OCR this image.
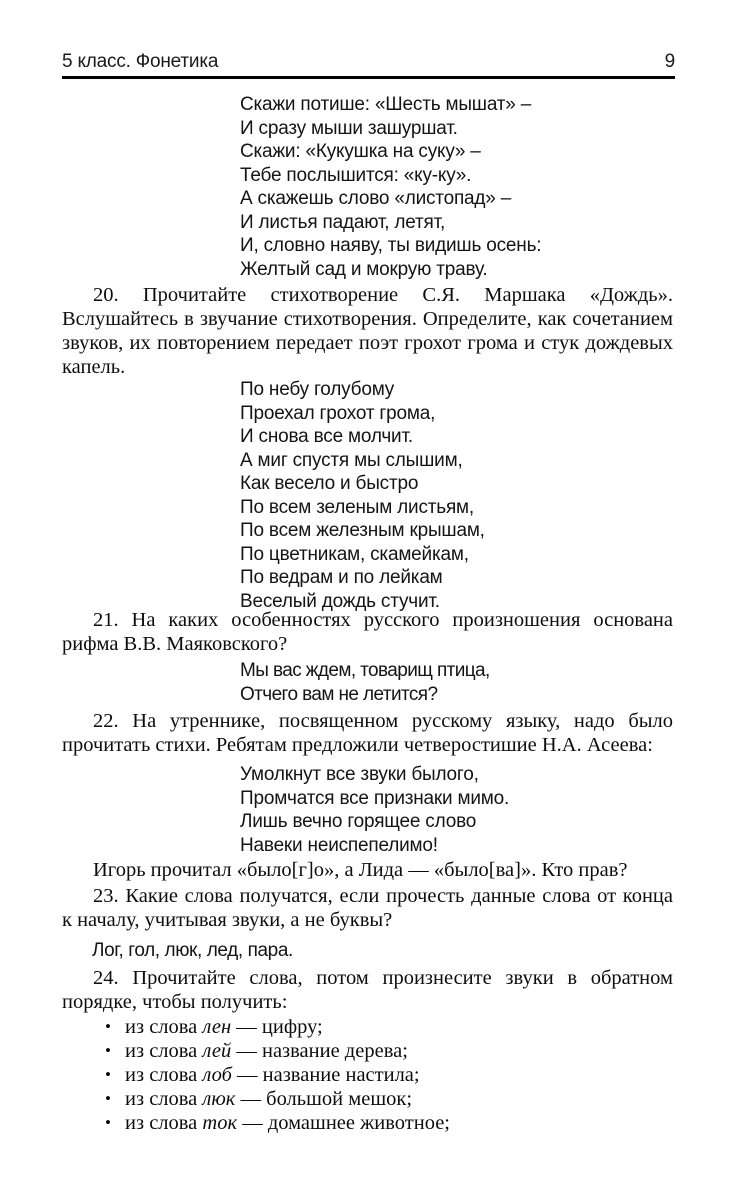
5 класс. Фонетика	9
Скажи потише: «Шесть мышат» –
И сразу мыши зашуршат.
Скажи: «Кукушка на суку» –
Тебе послышится: «ку-ку».
А скажешь слово «листопад» –
И листья падают, летят,
И, словно наяву, ты видишь осень:
Желтый сад и мокрую траву.

20. Прочитайте стихотворение С.Я. Маршака «Дождь». Вслушайтесь в звучание стихотворения. Определите, как сочетанием звуков, их повторением передает поэт грохот грома и стук дождевых капель.

По небу голубому
Проехал грохот грома,
И снова все молчит.
А миг спустя мы слышим,
Как весело и быстро
По всем зеленым листьям,
По всем железным крышам,
По цветникам, скамейкам,
По ведрам и по лейкам
Веселый дождь стучит.

21. На каких особенностях русского произношения основана рифма В.В. Маяковского?

Мы вас ждем, товарищ птица,
Отчего вам не летится?

22. На утреннике, посвященном русскому языку, надо было прочитать стихи. Ребятам предложили четверостишие Н.А. Асеева:

Умолкнут все звуки былого,
Промчатся все признаки мимо.
Лишь вечно горящее слово
Навеки неиспепелимо!

Игорь прочитал «было[г]о», а Лида — «было[ва]». Кто прав?

23. Какие слова получатся, если прочесть данные слова от конца к началу, учитывая звуки, а не буквы?

Лог, гол, люк, лед, пара.

24. Прочитайте слова, потом произнесите звуки в обратном порядке, чтобы получить:

• из слова лен — цифру;
• из слова лей — название дерева;
• из слова лоб — название настила;
• из слова люк — большой мешок;
• из слова ток — домашнее животное;
